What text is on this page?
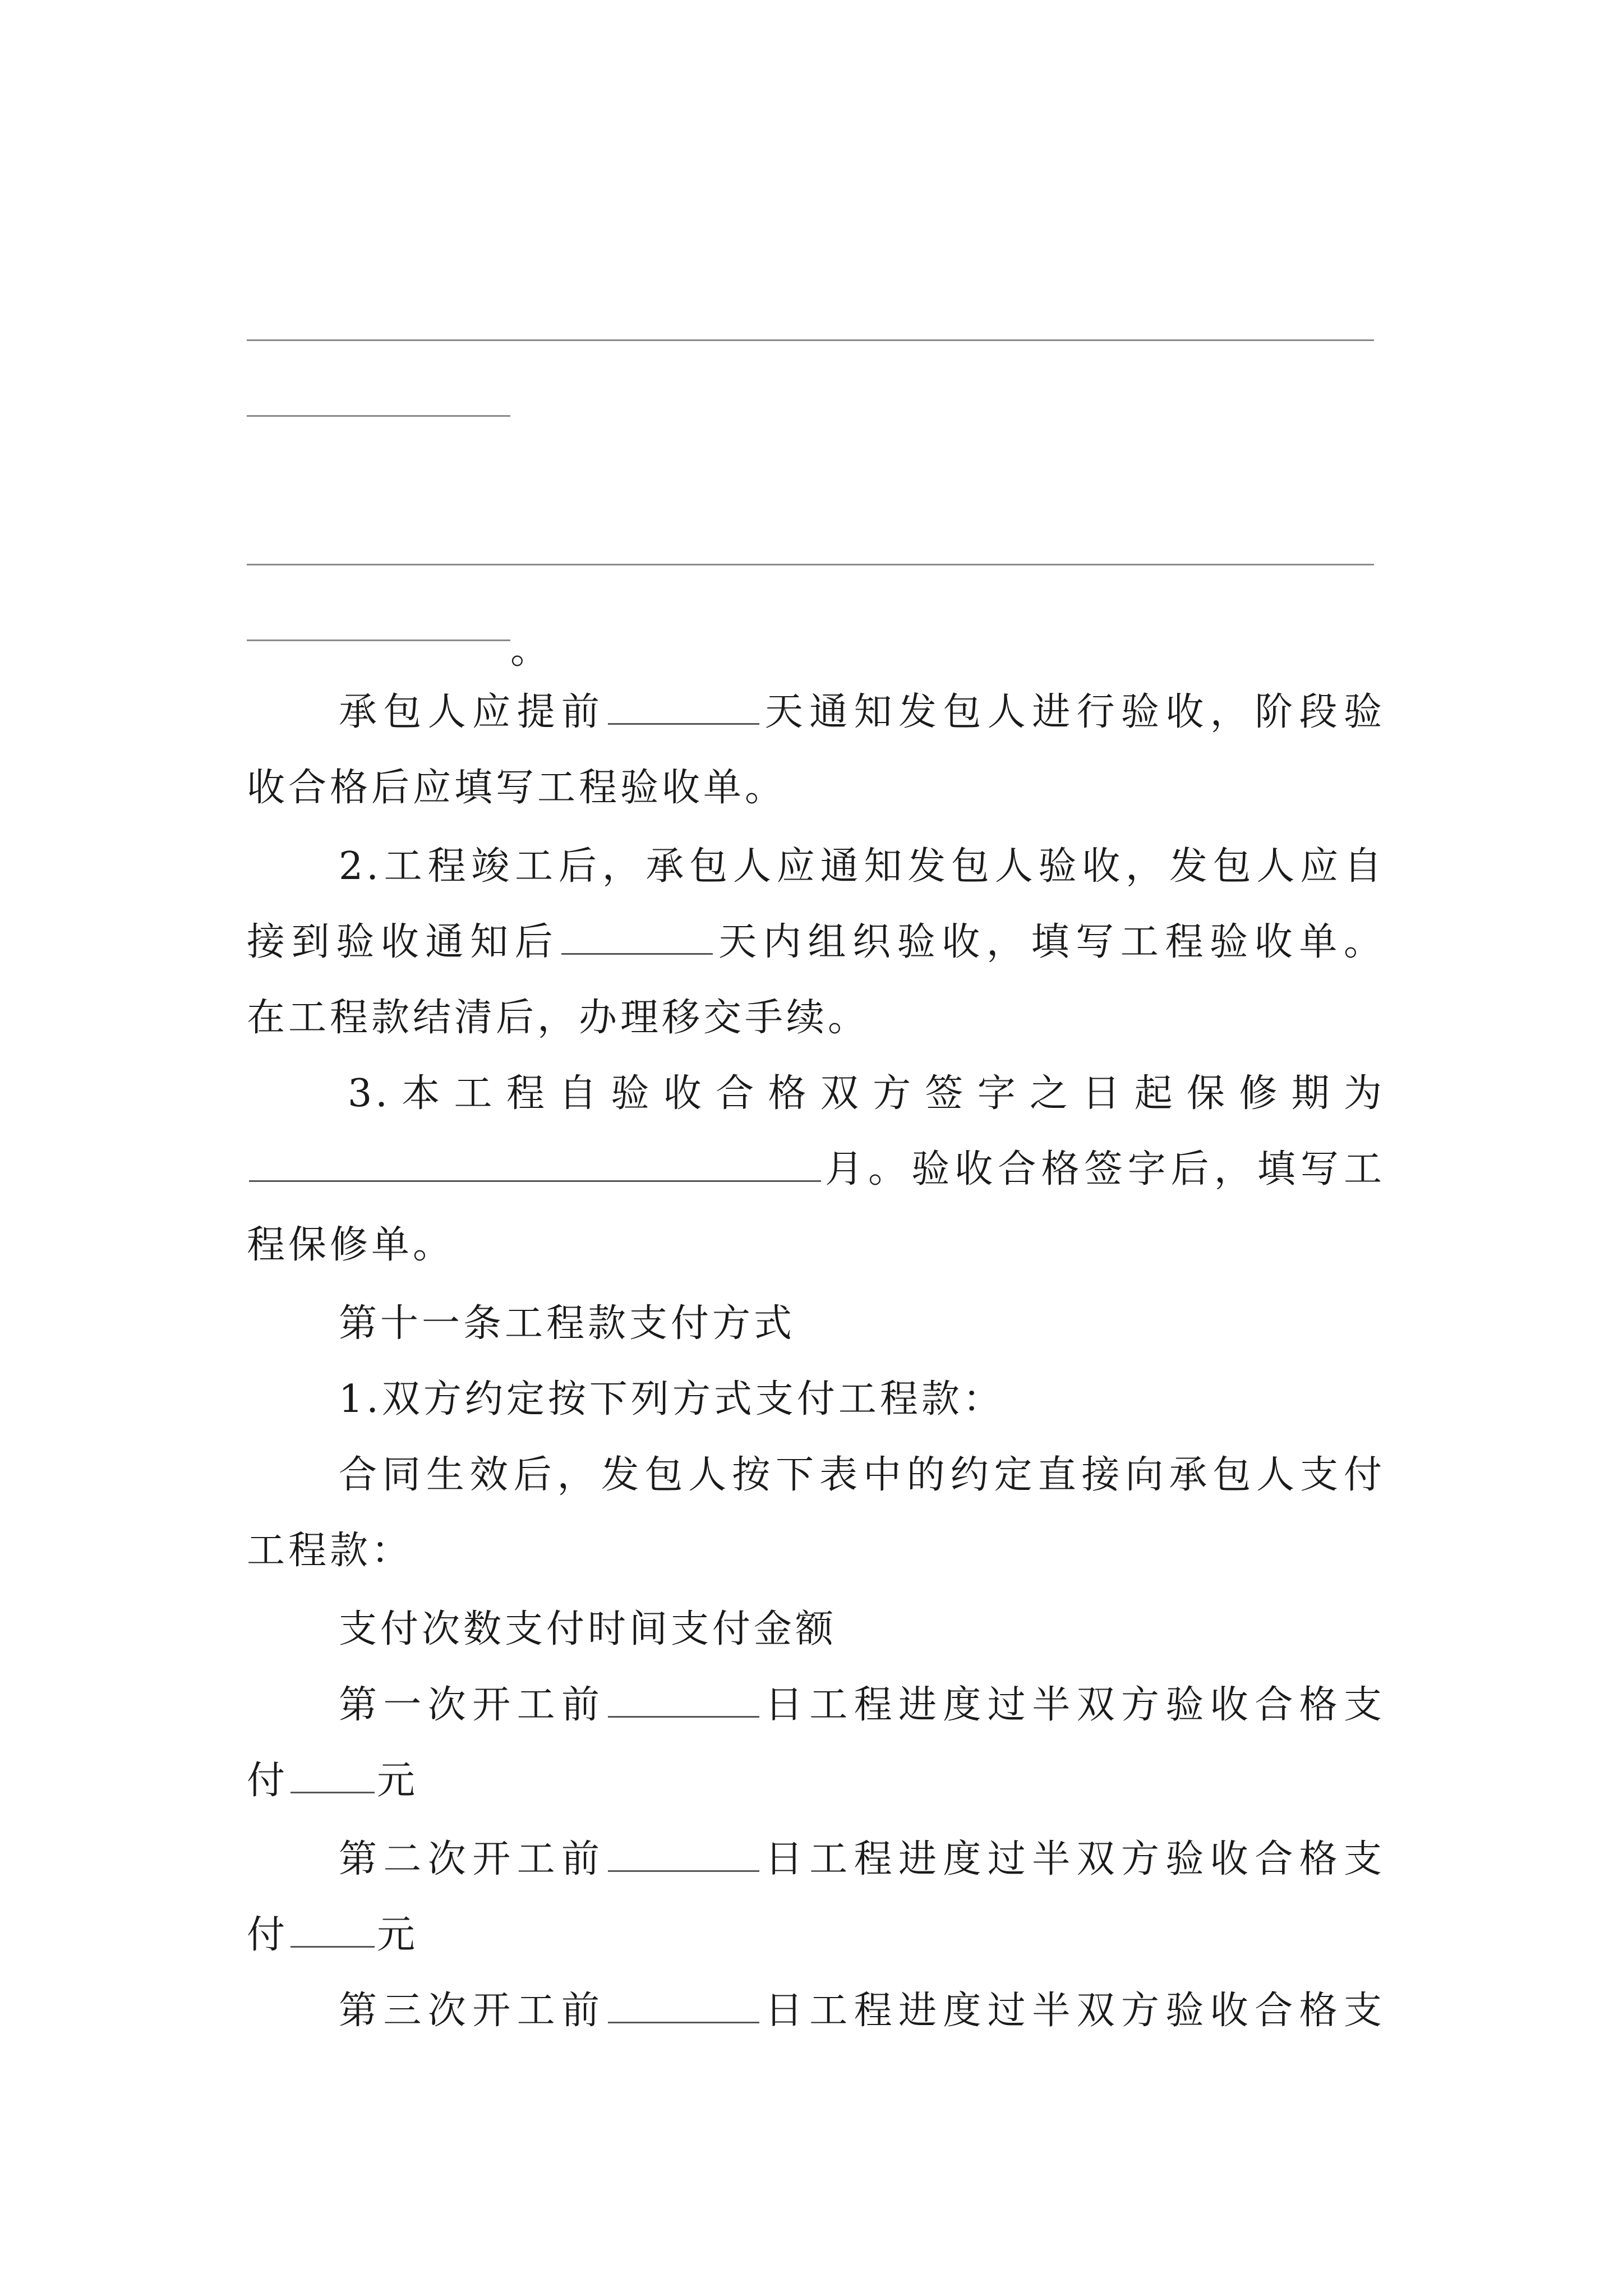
。
承包人应提前	天通知发包人进行验收，阶段验
收合格后应填写工程验收单。
2.工程竣工后，承包人应通知发包人验收，发包人应自
接到验收通知后	天内组织验收，填写工程验收单。
在工程款结清后，办理移交手续。
3.本工程自验收合格双方签字之日起保修期为
月。验收合格签字后，填写工
程保修单。
第十一条工程款支付方式
1.双方约定按下列方式支付工程款：
合同生效后，发包人按下表中的约定直接向承包人支付
工程款：
支付次数支付时间支付金额
第一次开工前	日工程进度过半双方验收合格支
付 元
第二次开工前	日工程进度过半双方验收合格支
付 元
第三次开工前	日工程进度过半双方验收合格支
